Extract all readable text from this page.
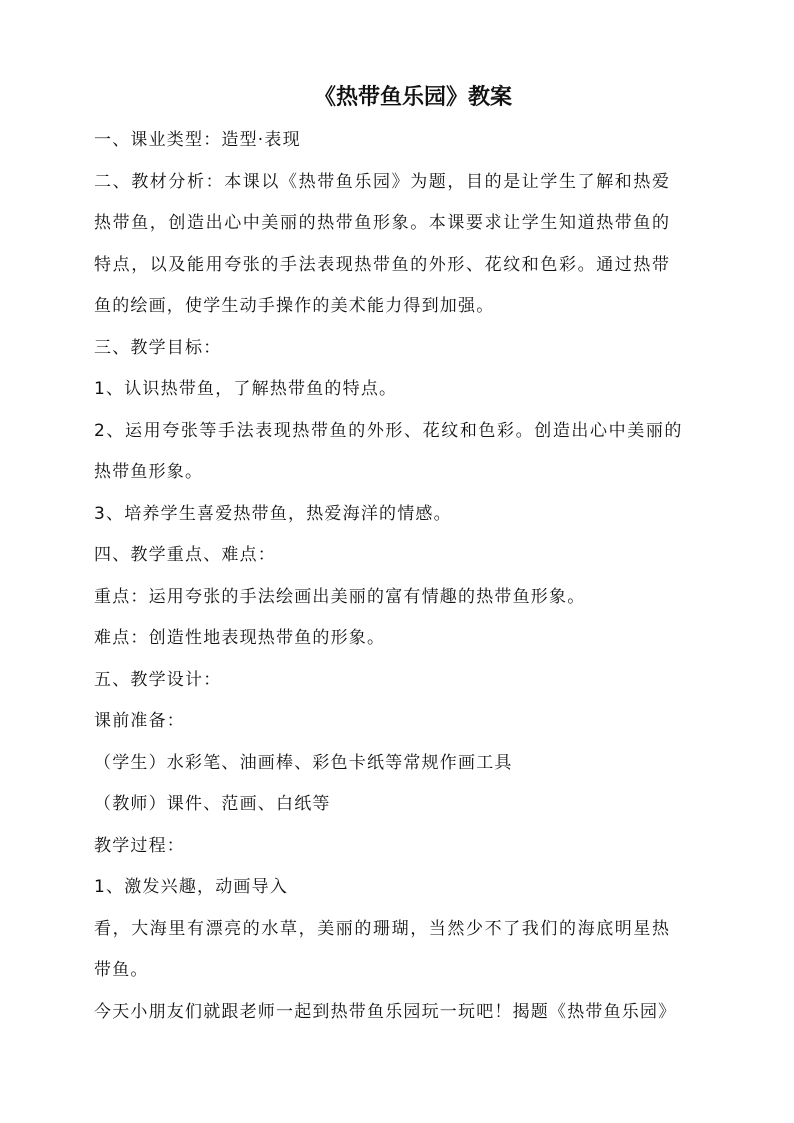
《热带鱼乐园》教案
一、课业类型：造型·表现
二、教材分析：本课以《热带鱼乐园》为题，目的是让学生了解和热爱
热带鱼，创造出心中美丽的热带鱼形象。本课要求让学生知道热带鱼的
特点，以及能用夸张的手法表现热带鱼的外形、花纹和色彩。通过热带
鱼的绘画，使学生动手操作的美术能力得到加强。
三、教学目标：
1、认识热带鱼，了解热带鱼的特点。
2、运用夸张等手法表现热带鱼的外形、花纹和色彩。创造出心中美丽的
热带鱼形象。
3、培养学生喜爱热带鱼，热爱海洋的情感。
四、教学重点、难点：
重点：运用夸张的手法绘画出美丽的富有情趣的热带鱼形象。
难点：创造性地表现热带鱼的形象。
五、教学设计：
课前准备：
（学生）水彩笔、油画棒、彩色卡纸等常规作画工具
（教师）课件、范画、白纸等
教学过程：
1、激发兴趣，动画导入
看，大海里有漂亮的水草，美丽的珊瑚，当然少不了我们的海底明星热
带鱼。
今天小朋友们就跟老师一起到热带鱼乐园玩一玩吧！揭题《热带鱼乐园》
